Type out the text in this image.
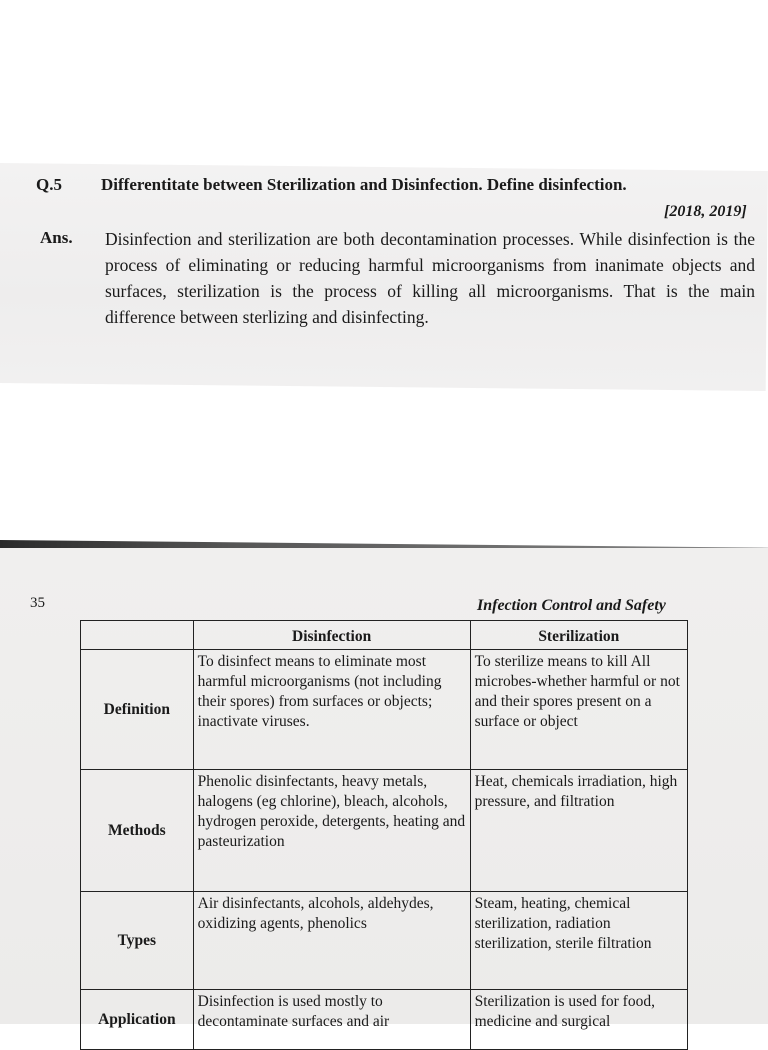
Q.5 Differentitate between Sterilization and Disinfection. Define disinfection.
[2018, 2019]
Ans. Disinfection and sterilization are both decontamination processes. While disinfection is the process of eliminating or reducing harmful microorganisms from inanimate objects and surfaces, sterilization is the process of killing all microorganisms. That is the main difference between sterlizing and disinfecting.
35	Infection Control and Safety
	Disinfection	Sterilization
Definition	To disinfect means to eliminate most harmful microorganisms (not including their spores) from surfaces or objects; inactivate viruses.	To sterilize means to kill All microbes-whether harmful or not and their spores present on a surface or object
Methods	Phenolic disinfectants, heavy metals, halogens (eg chlorine), bleach, alcohols, hydrogen peroxide, detergents, heating and pasteurization	Heat, chemicals irradiation, high pressure, and filtration
Types	Air disinfectants, alcohols, aldehydes, oxidizing agents, phenolics	Steam, heating, chemical sterilization, radiation sterilization, sterile filtration
Application	Disinfection is used mostly to decontaminate surfaces and air	Sterilization is used for food, medicine and surgical
